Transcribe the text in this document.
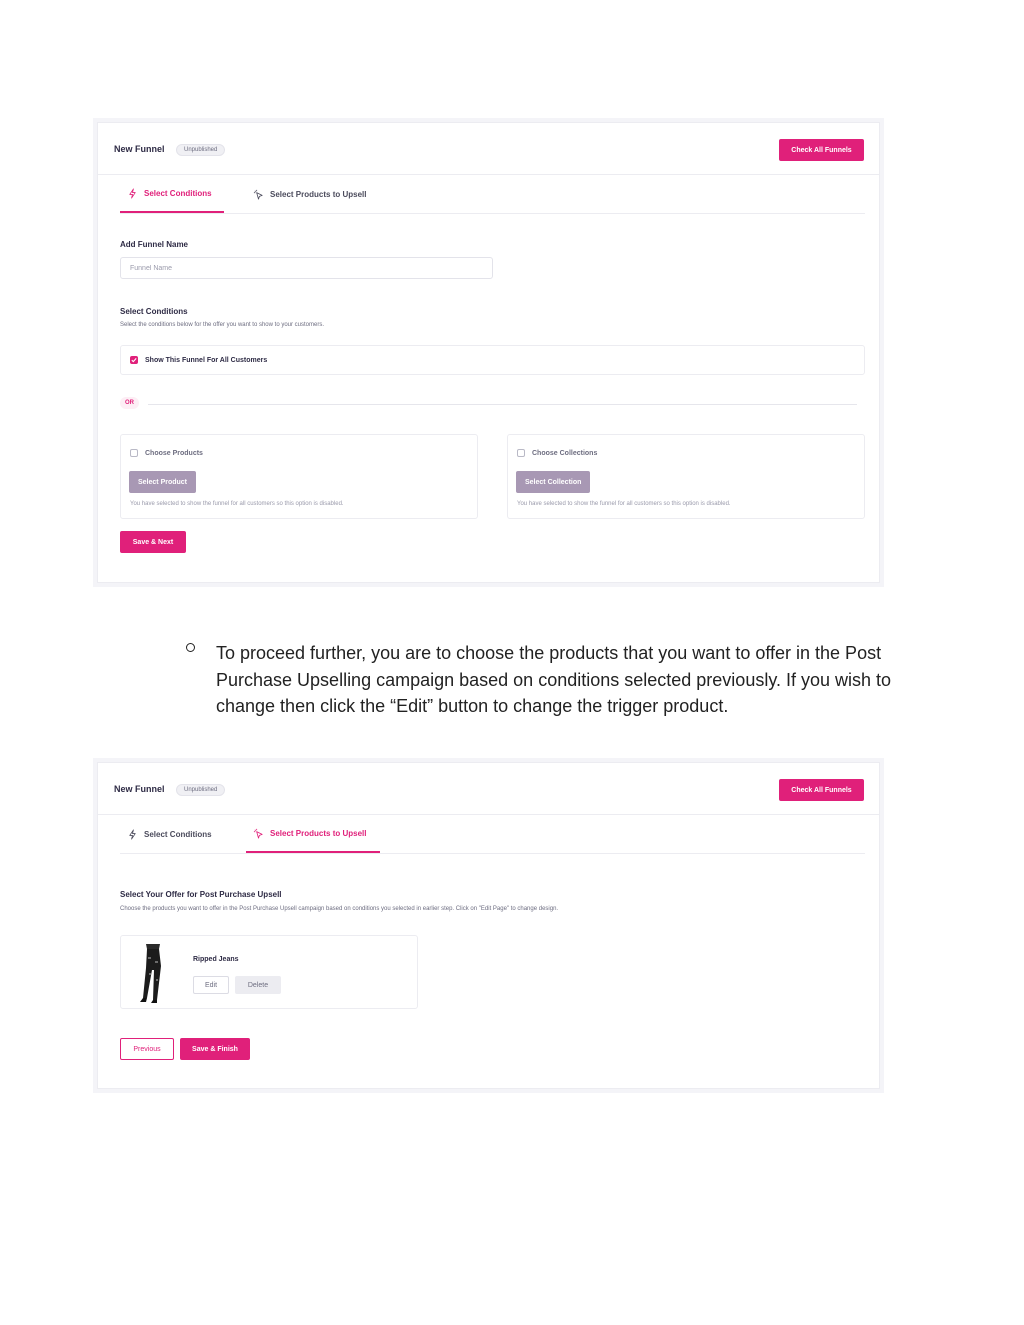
New Funnel	Unpublished	Check All Funnels
Select Conditions	Select Products to Upsell
Add Funnel Name
Funnel Name
Select Conditions
Select the conditions below for the offer you want to show to your customers.
Show This Funnel For All Customers
OR
Choose Products
Select Product
You have selected to show the funnel for all customers so this option is disabled.
Choose Collections
Select Collection
You have selected to show the funnel for all customers so this option is disabled.
Save & Next
To proceed further, you are to choose the products that you want to offer in the Post Purchase Upselling campaign based on conditions selected previously. If you wish to change then click the “Edit” button to change the trigger product.
New Funnel	Unpublished	Check All Funnels
Select Conditions	Select Products to Upsell
Select Your Offer for Post Purchase Upsell
Choose the products you want to offer in the Post Purchase Upsell campaign based on conditions you selected in earlier step. Click on "Edit Page" to change design.
Ripped Jeans
Edit	Delete
Previous	Save & Finish
